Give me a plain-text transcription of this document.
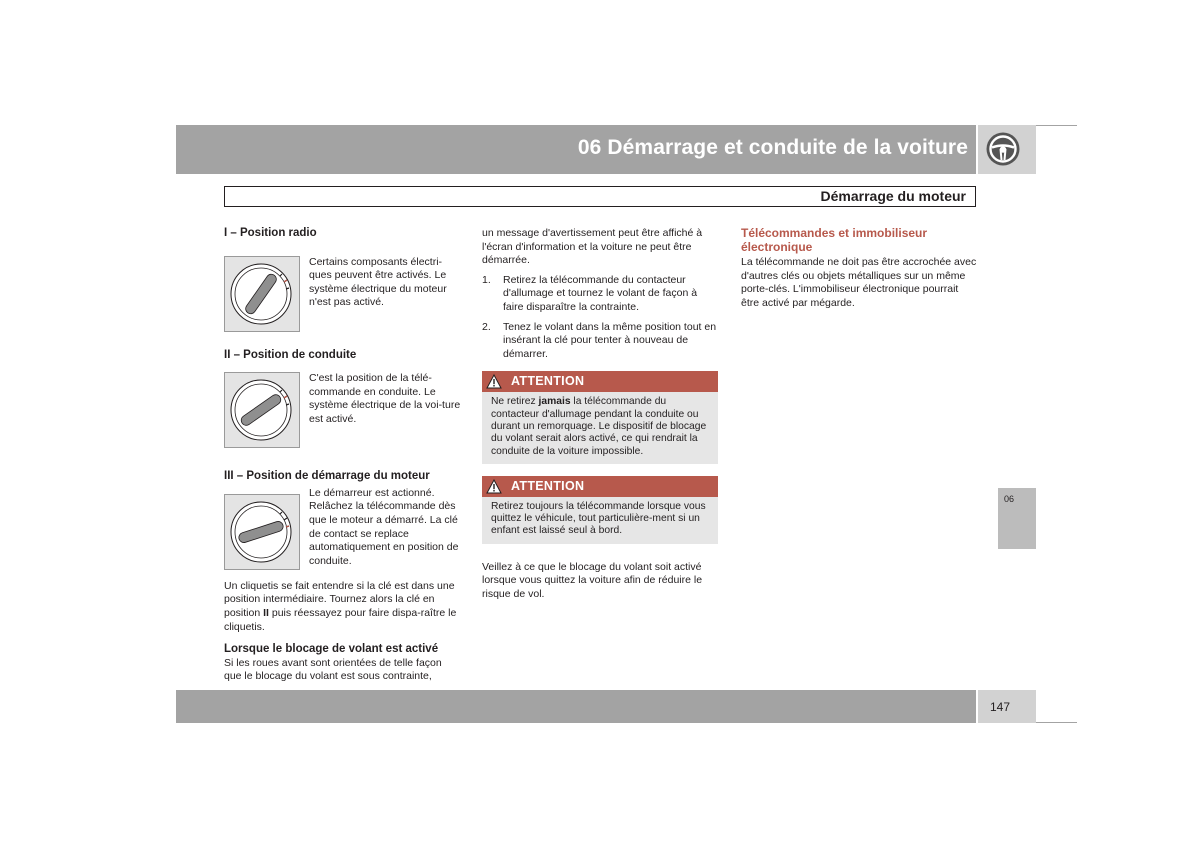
06 Démarrage et conduite de la voiture
Démarrage du moteur

I – Position radio

Certains composants électri-ques peuvent être activés. Le système électrique du moteur n'est pas activé.

II – Position de conduite

C'est la position de la télé-commande en conduite. Le système électrique de la voi-ture est activé.

III – Position de démarrage du moteur

Le démarreur est actionné. Relâchez la télécommande dès que le moteur a démarré. La clé de contact se replace automatiquement en position de conduite.

Un cliquetis se fait entendre si la clé est dans une position intermédiaire. Tournez alors la clé en position II puis réessayez pour faire dispa-raître le cliquetis.

Lorsque le blocage de volant est activé

Si les roues avant sont orientées de telle façon que le blocage du volant est sous contrainte,

un message d'avertissement peut être affiché à l'écran d'information et la voiture ne peut être démarrée.

1. Retirez la télécommande du contacteur d'allumage et tournez le volant de façon à faire disparaître la contrainte.

2. Tenez le volant dans la même position tout en insérant la clé pour tenter à nouveau de démarrer.

ATTENTION
Ne retirez jamais la télécommande du contacteur d'allumage pendant la conduite ou durant un remorquage. Le dispositif de blocage du volant serait alors activé, ce qui rendrait la conduite de la voiture impossible.
ATTENTION
Retirez toujours la télécommande lorsque vous quittez le véhicule, tout particulière-ment si un enfant est laissé seul à bord.

Veillez à ce que le blocage du volant soit activé lorsque vous quittez la voiture afin de réduire le risque de vol.

Télécommandes et immobiliseur électronique

La télécommande ne doit pas être accrochée avec d'autres clés ou objets métalliques sur un même porte-clés. L'immobiliseur électronique pourrait être activé par mégarde.

06
147
